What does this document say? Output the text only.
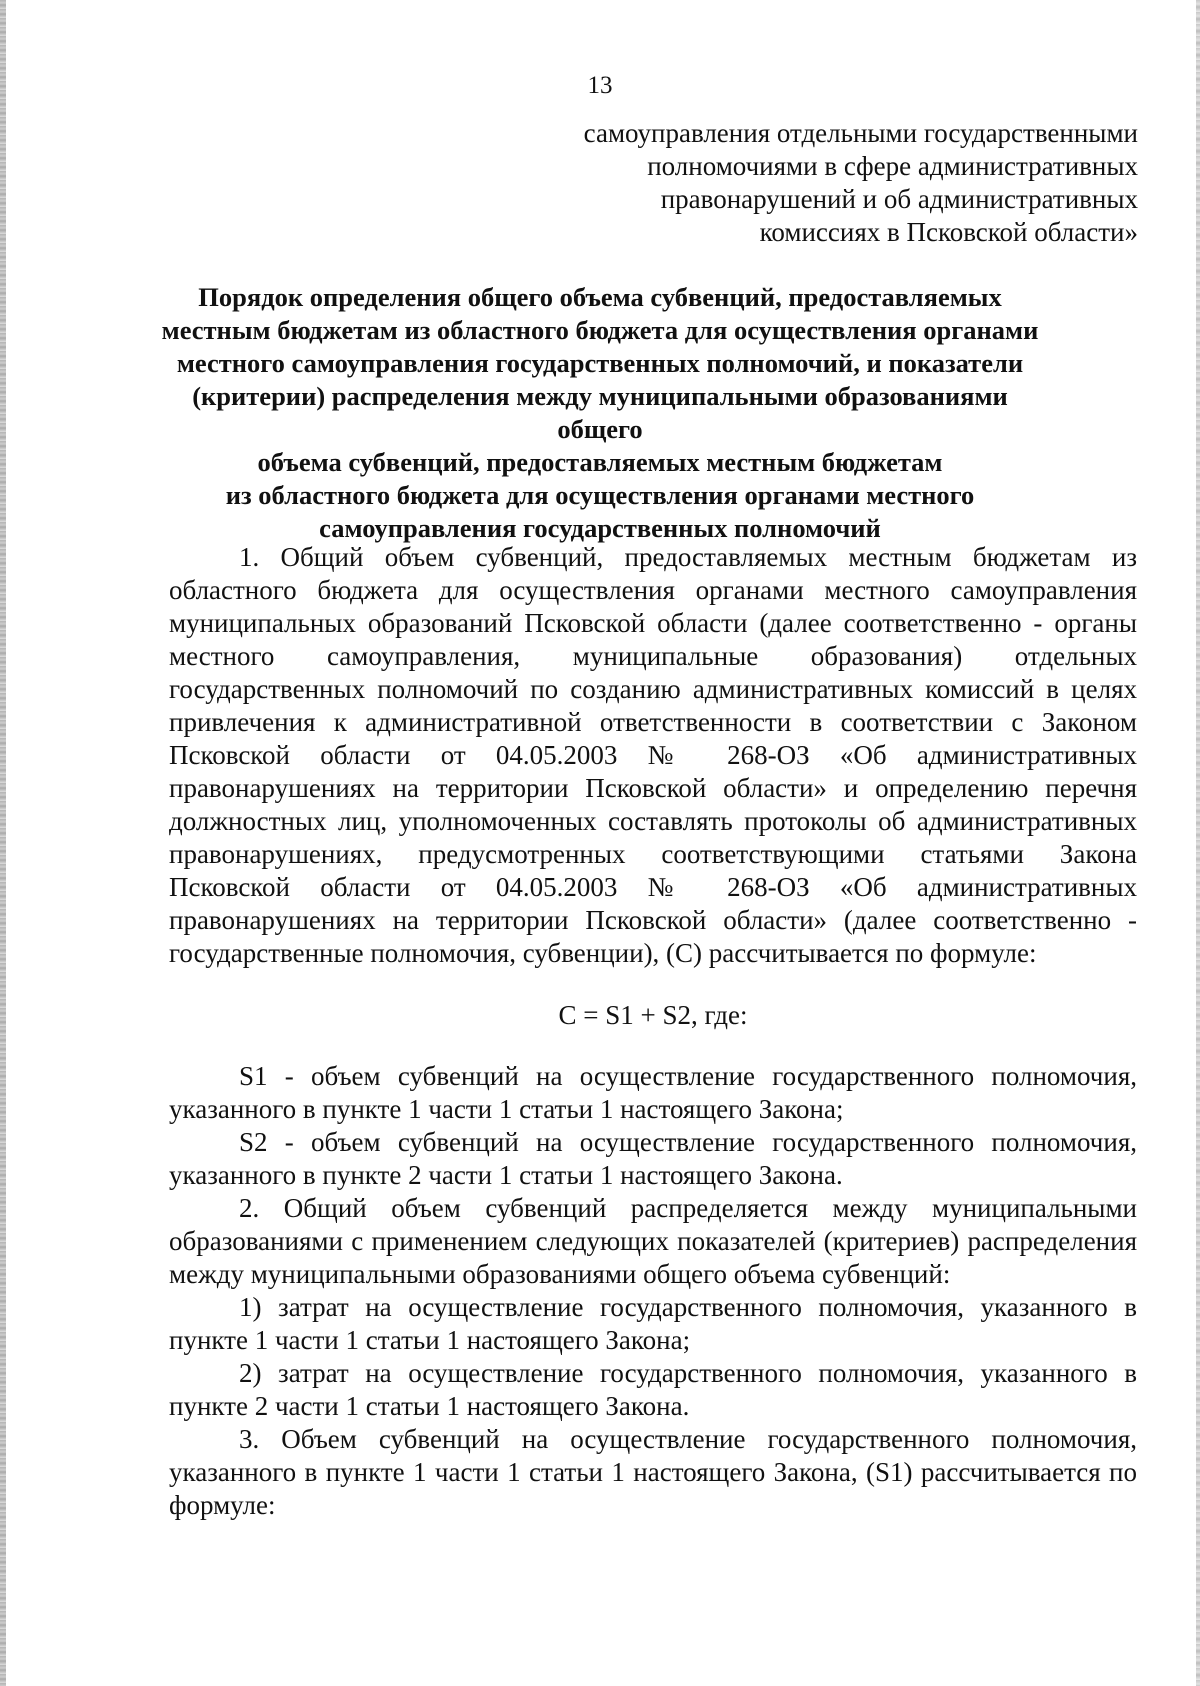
13
самоуправления отдельными государственными
полномочиями в сфере административных
правонарушений и об административных
комиссиях в Псковской области»
Порядок определения общего объема субвенций, предоставляемых
местным бюджетам из областного бюджета для осуществления органами
местного самоуправления государственных полномочий, и показатели
(критерии) распределения между муниципальными образованиями общего
объема субвенций, предоставляемых местным бюджетам
из областного бюджета для осуществления органами местного
самоуправления государственных полномочий

1. Общий объем субвенций, предоставляемых местным бюджетам из областного бюджета для осуществления органами местного самоуправления муниципальных образований Псковской области (далее соответственно - органы местного самоуправления, муниципальные образования) отдельных государственных полномочий по созданию административных комиссий в целях привлечения к административной ответственности в соответствии с Законом Псковской области от 04.05.2003 № 268-ОЗ «Об административных правонарушениях на территории Псковской области» и определению перечня должностных лиц, уполномоченных составлять протоколы об административных правонарушениях, предусмотренных соответствующими статьями Закона Псковской области от 04.05.2003 № 268-ОЗ «Об административных правонарушениях на территории Псковской области» (далее соответственно - государственные полномочия, субвенции), (С) рассчитывается по формуле:

С = S1 + S2, где:

S1 - объем субвенций на осуществление государственного полномочия, указанного в пункте 1 части 1 статьи 1 настоящего Закона;

S2 - объем субвенций на осуществление государственного полномочия, указанного в пункте 2 части 1 статьи 1 настоящего Закона.

2. Общий объем субвенций распределяется между муниципальными образованиями с применением следующих показателей (критериев) распределения между муниципальными образованиями общего объема субвенций:

1) затрат на осуществление государственного полномочия, указанного в пункте 1 части 1 статьи 1 настоящего Закона;

2) затрат на осуществление государственного полномочия, указанного в пункте 2 части 1 статьи 1 настоящего Закона.

3. Объем субвенций на осуществление государственного полномочия, указанного в пункте 1 части 1 статьи 1 настоящего Закона, (S1) рассчитывается по формуле:
